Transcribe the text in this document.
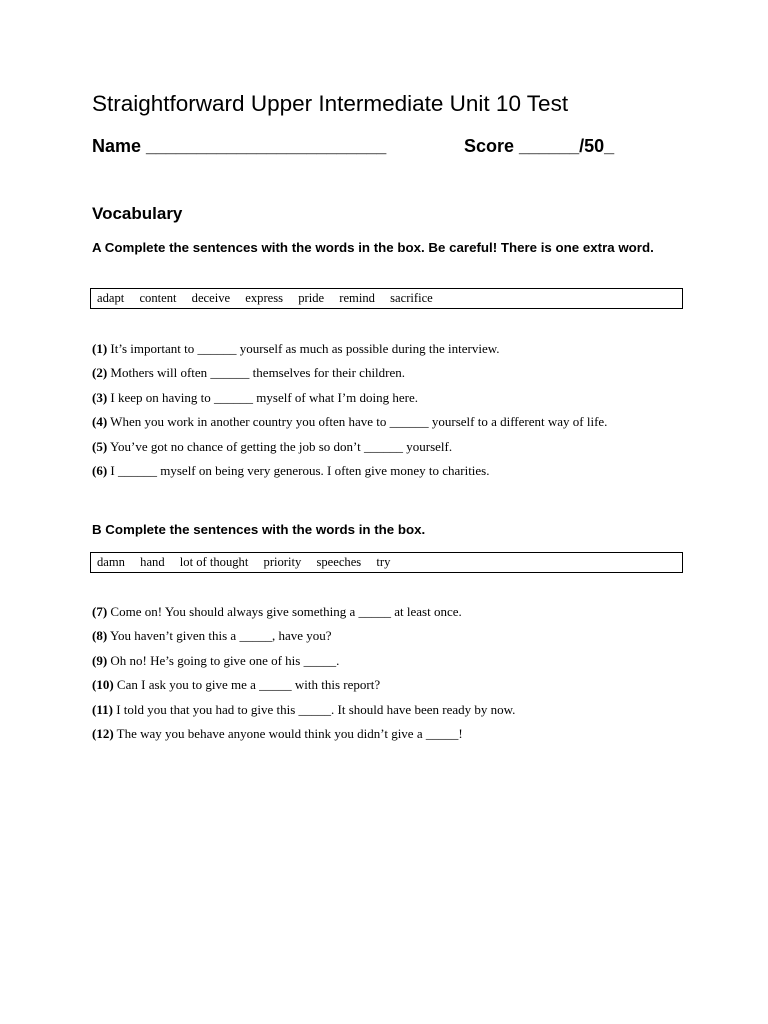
Straightforward Upper Intermediate Unit 10 Test
Name ________________________	Score ______/50_
Vocabulary
A Complete the sentences with the words in the box. Be careful! There is one extra word.
adapt content deceive express pride remind sacrifice
(1) It’s important to ______ yourself as much as possible during the interview.
(2) Mothers will often ______ themselves for their children.
(3) I keep on having to ______ myself of what I’m doing here.
(4) When you work in another country you often have to ______ yourself to a different way of life.
(5) You’ve got no chance of getting the job so don’t ______ yourself.
(6) I ______ myself on being very generous. I often give money to charities.
B Complete the sentences with the words in the box.
damn hand lot of thought priority speeches try
(7) Come on! You should always give something a _____ at least once.
(8) You haven’t given this a _____, have you?
(9) Oh no! He’s going to give one of his _____.
(10) Can I ask you to give me a _____ with this report?
(11) I told you that you had to give this _____. It should have been ready by now.
(12) The way you behave anyone would think you didn’t give a _____!
